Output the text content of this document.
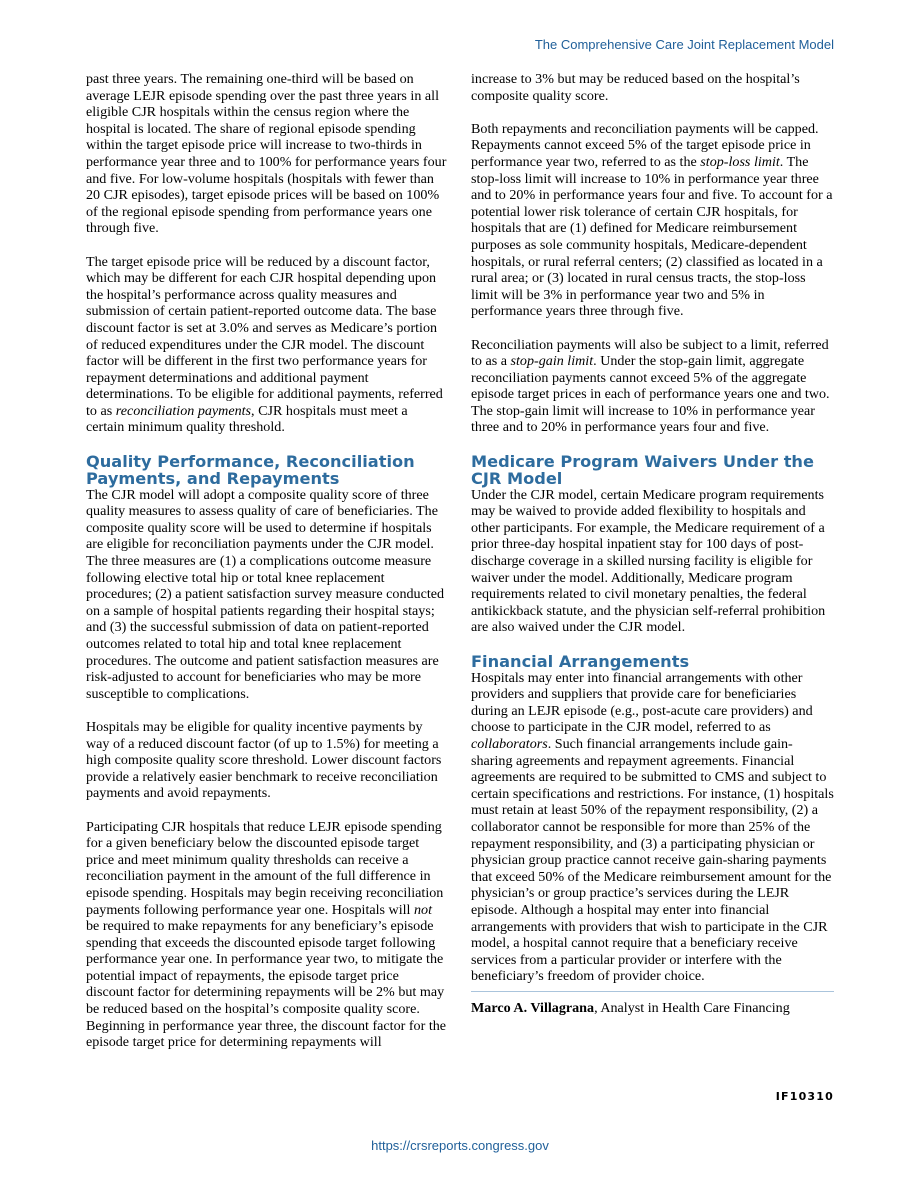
The Comprehensive Care Joint Replacement Model

past three years. The remaining one-third will be based on average LEJR episode spending over the past three years in all eligible CJR hospitals within the census region where the hospital is located. The share of regional episode spending within the target episode price will increase to two-thirds in performance year three and to 100% for performance years four and five. For low-volume hospitals (hospitals with fewer than 20 CJR episodes), target episode prices will be based on 100% of the regional episode spending from performance years one through five.

The target episode price will be reduced by a discount factor, which may be different for each CJR hospital depending upon the hospital’s performance across quality measures and submission of certain patient-reported outcome data. The base discount factor is set at 3.0% and serves as Medicare’s portion of reduced expenditures under the CJR model. The discount factor will be different in the first two performance years for repayment determinations and additional payment determinations. To be eligible for additional payments, referred to as reconciliation payments, CJR hospitals must meet a certain minimum quality threshold.

Quality Performance, Reconciliation Payments, and Repayments

The CJR model will adopt a composite quality score of three quality measures to assess quality of care of beneficiaries. The composite quality score will be used to determine if hospitals are eligible for reconciliation payments under the CJR model. The three measures are (1) a complications outcome measure following elective total hip or total knee replacement procedures; (2) a patient satisfaction survey measure conducted on a sample of hospital patients regarding their hospital stays; and (3) the successful submission of data on patient-reported outcomes related to total hip and total knee replacement procedures. The outcome and patient satisfaction measures are risk-adjusted to account for beneficiaries who may be more susceptible to complications.

Hospitals may be eligible for quality incentive payments by way of a reduced discount factor (of up to 1.5%) for meeting a high composite quality score threshold. Lower discount factors provide a relatively easier benchmark to receive reconciliation payments and avoid repayments.

Participating CJR hospitals that reduce LEJR episode spending for a given beneficiary below the discounted episode target price and meet minimum quality thresholds can receive a reconciliation payment in the amount of the full difference in episode spending. Hospitals may begin receiving reconciliation payments following performance year one. Hospitals will not be required to make repayments for any beneficiary’s episode spending that exceeds the discounted episode target following performance year one. In performance year two, to mitigate the potential impact of repayments, the episode target price discount factor for determining repayments will be 2% but may be reduced based on the hospital’s composite quality score. Beginning in performance year three, the discount factor for the episode target price for determining repayments will

increase to 3% but may be reduced based on the hospital’s composite quality score.

Both repayments and reconciliation payments will be capped. Repayments cannot exceed 5% of the target episode price in performance year two, referred to as the stop-loss limit. The stop-loss limit will increase to 10% in performance year three and to 20% in performance years four and five. To account for a potential lower risk tolerance of certain CJR hospitals, for hospitals that are (1) defined for Medicare reimbursement purposes as sole community hospitals, Medicare-dependent hospitals, or rural referral centers; (2) classified as located in a rural area; or (3) located in rural census tracts, the stop-loss limit will be 3% in performance year two and 5% in performance years three through five.

Reconciliation payments will also be subject to a limit, referred to as a stop-gain limit. Under the stop-gain limit, aggregate reconciliation payments cannot exceed 5% of the aggregate episode target prices in each of performance years one and two. The stop-gain limit will increase to 10% in performance year three and to 20% in performance years four and five.

Medicare Program Waivers Under the CJR Model

Under the CJR model, certain Medicare program requirements may be waived to provide added flexibility to hospitals and other participants. For example, the Medicare requirement of a prior three-day hospital inpatient stay for 100 days of post-discharge coverage in a skilled nursing facility is eligible for waiver under the model. Additionally, Medicare program requirements related to civil monetary penalties, the federal antikickback statute, and the physician self-referral prohibition are also waived under the CJR model.

Financial Arrangements

Hospitals may enter into financial arrangements with other providers and suppliers that provide care for beneficiaries during an LEJR episode (e.g., post-acute care providers) and choose to participate in the CJR model, referred to as collaborators. Such financial arrangements include gain-sharing agreements and repayment agreements. Financial agreements are required to be submitted to CMS and subject to certain specifications and restrictions. For instance, (1) hospitals must retain at least 50% of the repayment responsibility, (2) a collaborator cannot be responsible for more than 25% of the repayment responsibility, and (3) a participating physician or physician group practice cannot receive gain-sharing payments that exceed 50% of the Medicare reimbursement amount for the physician’s or group practice’s services during the LEJR episode. Although a hospital may enter into financial arrangements with providers that wish to participate in the CJR model, a hospital cannot require that a beneficiary receive services from a particular provider or interfere with the beneficiary’s freedom of provider choice.

Marco A. Villagrana, Analyst in Health Care Financing

IF10310
https://crsreports.congress.gov
